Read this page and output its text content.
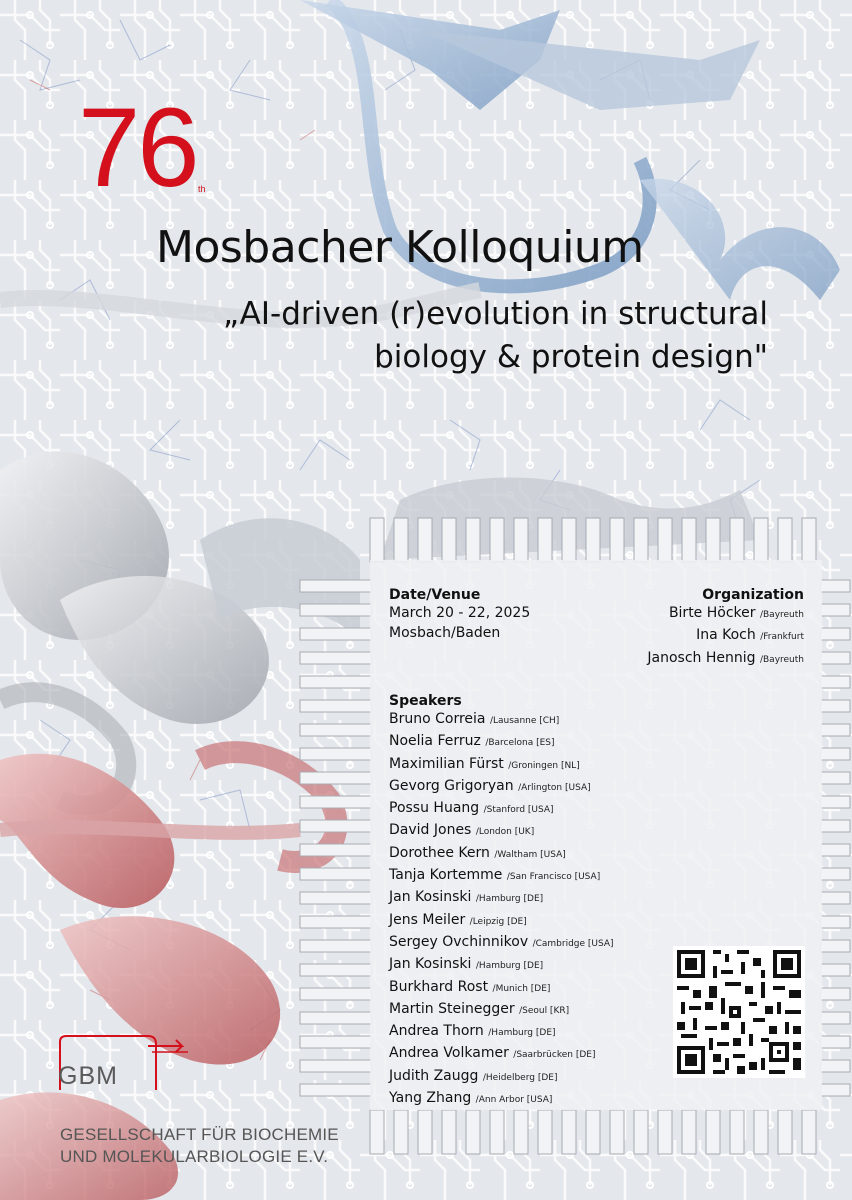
76 th
Mosbacher Kolloquium
„AI-driven (r)evolution in structural
biology & protein design"
Date/Venue
March 20 - 22, 2025
Mosbach/Baden
Organization
Birte Höcker /Bayreuth
Ina Koch /Frankfurt
Janosch Hennig /Bayreuth
Speakers
Bruno Correia /Lausanne [CH]
Noelia Ferruz /Barcelona [ES]
Maximilian Fürst /Groningen [NL]
Gevorg Grigoryan /Arlington [USA]
Possu Huang /Stanford [USA]
David Jones /London [UK]
Dorothee Kern /Waltham [USA]
Tanja Kortemme /San Francisco [USA]
Jan Kosinski /Hamburg [DE]
Jens Meiler /Leipzig [DE]
Sergey Ovchinnikov /Cambridge [USA]
Jan Kosinski /Hamburg [DE]
Burkhard Rost /Munich [DE]
Martin Steinegger /Seoul [KR]
Andrea Thorn /Hamburg [DE]
Andrea Volkamer /Saarbrücken [DE]
Judith Zaugg /Heidelberg [DE]
Yang Zhang /Ann Arbor [USA]
GBM
GESELLSCHAFT FÜR BIOCHEMIE
UND MOLEKULARBIOLOGIE E.V.
